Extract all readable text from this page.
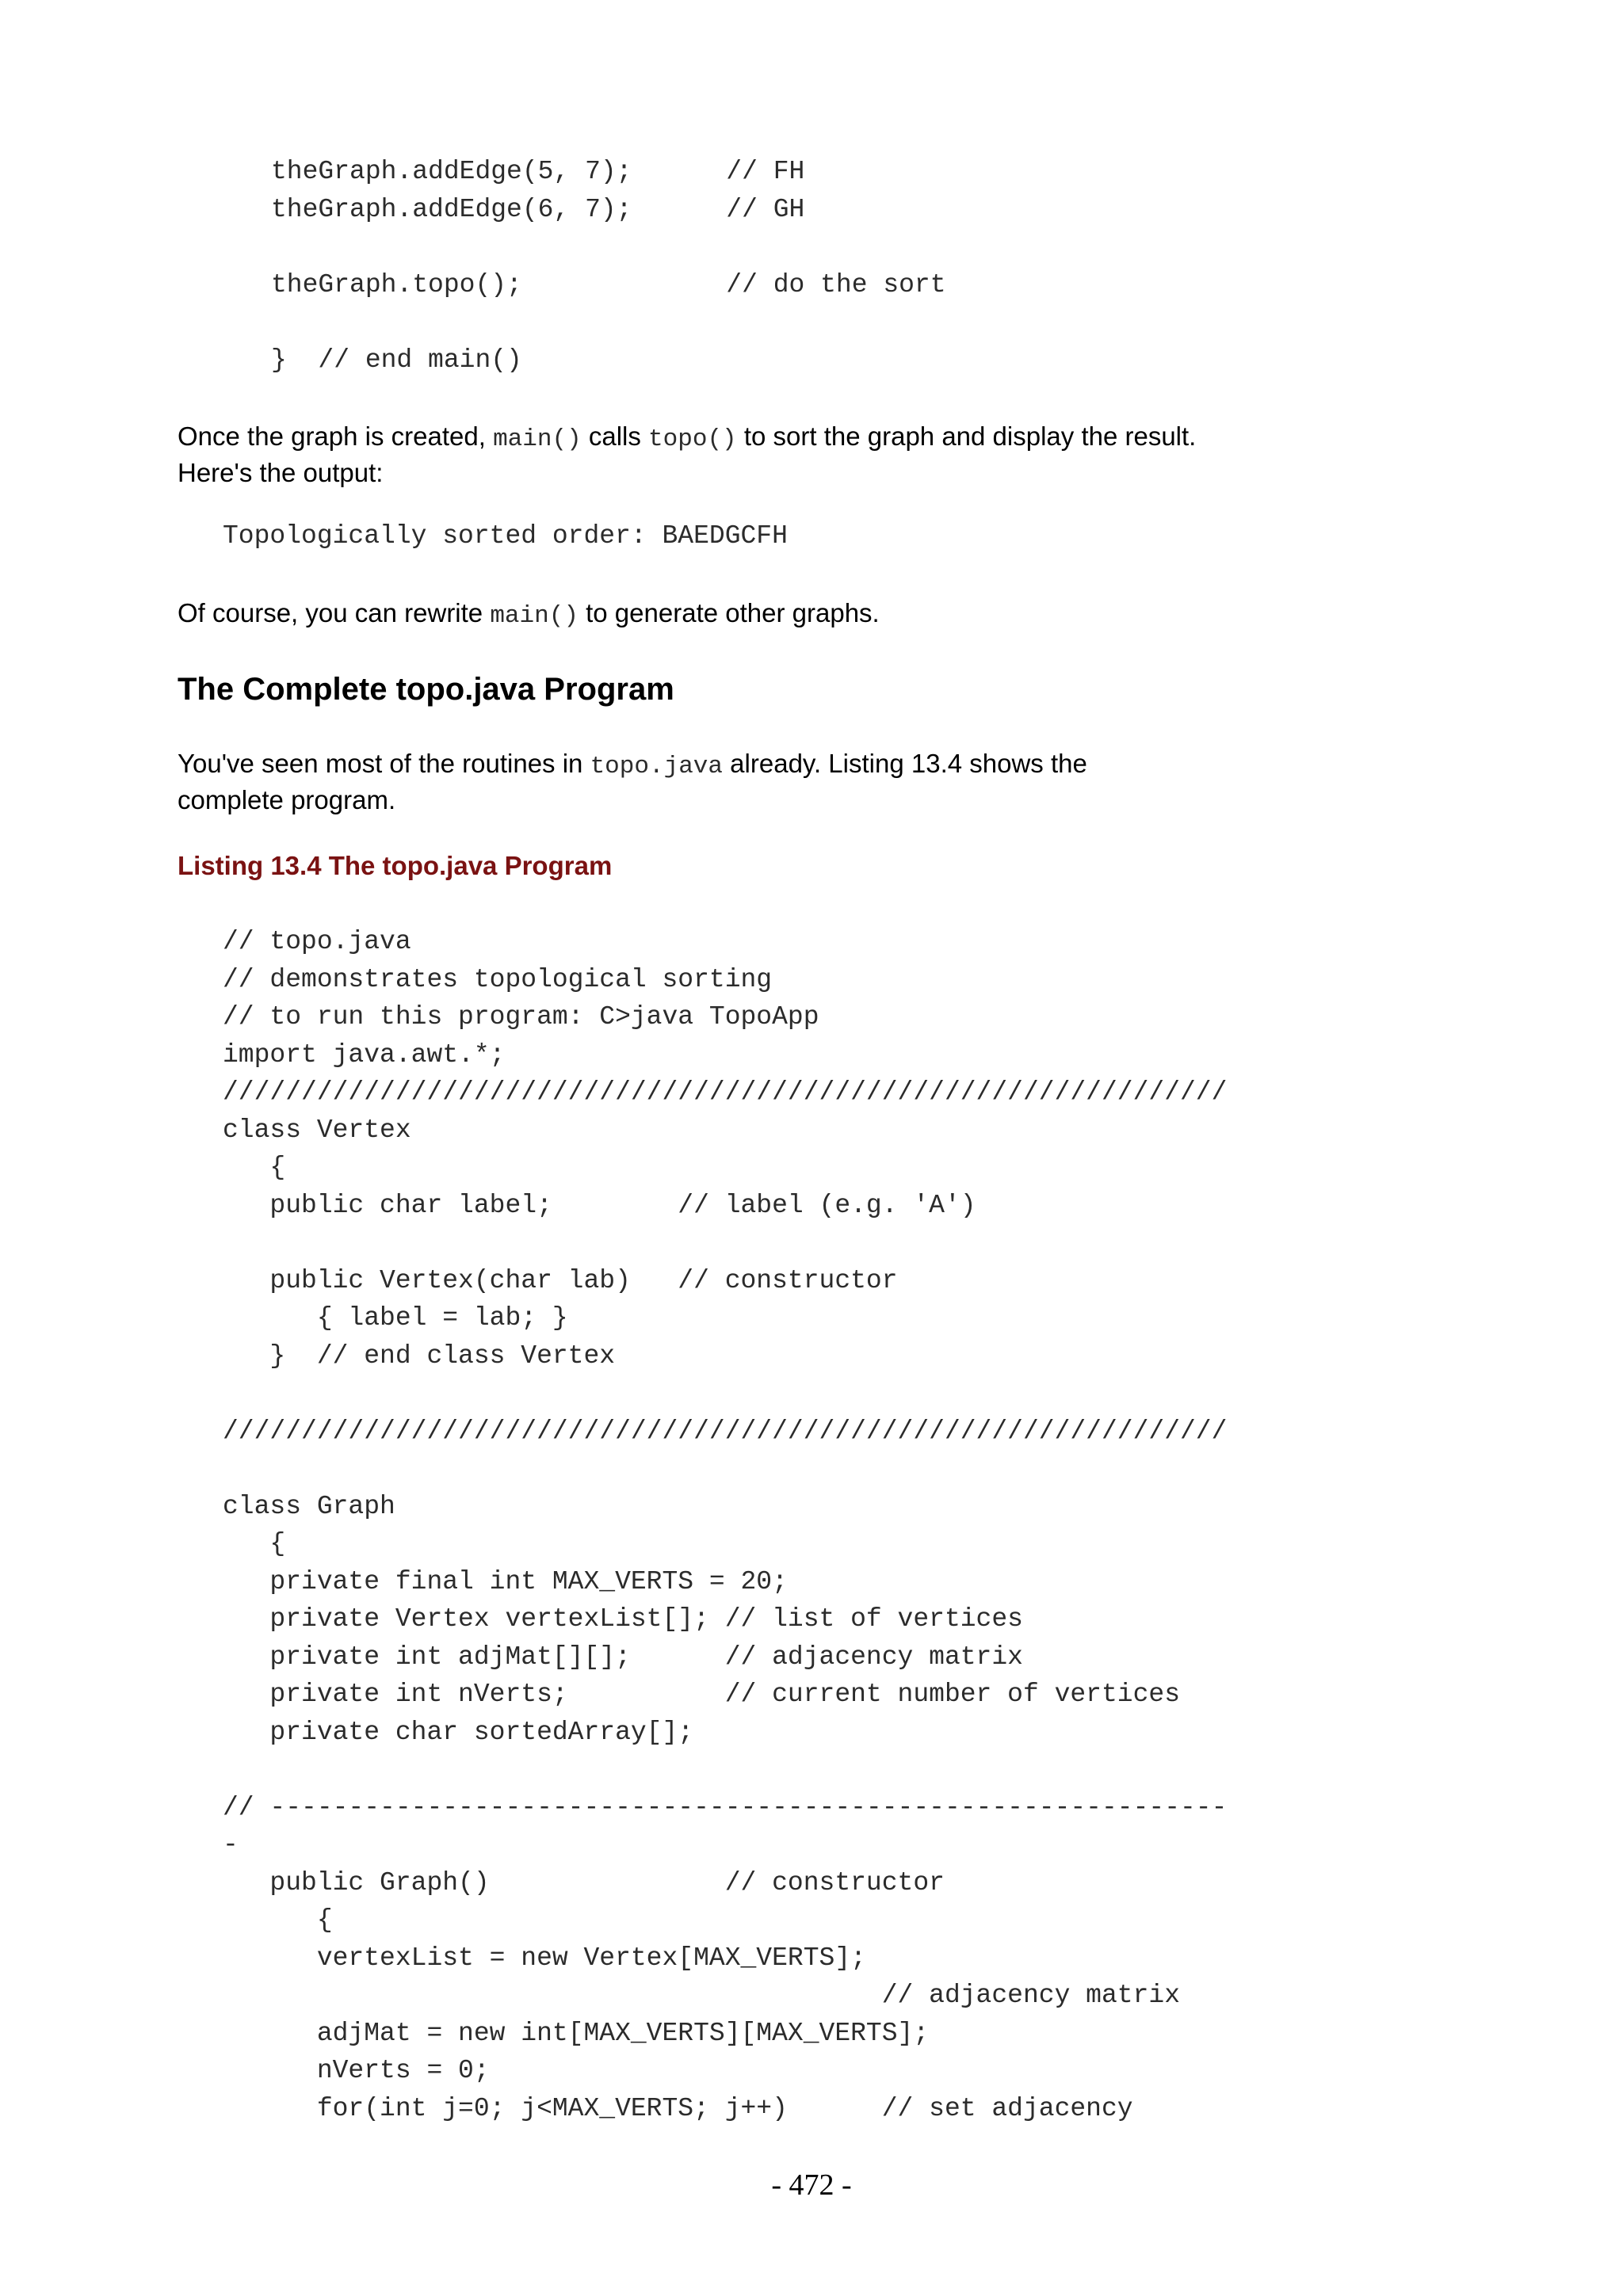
theGraph.addEdge(5, 7);      // FH
theGraph.addEdge(6, 7);      // GH
theGraph.topo();             // do the sort
}  // end main()

Once the graph is created, main() calls topo() to sort the graph and display the result.
Here's the output:

Topologically sorted order: BAEDGCFH

Of course, you can rewrite main() to generate other graphs.

The Complete topo.java Program

You've seen most of the routines in topo.java already. Listing 13.4 shows the
complete program.

Listing 13.4 The topo.java Program

// topo.java
// demonstrates topological sorting
// to run this program: C>java TopoApp
import java.awt.*;
////////////////////////////////////////////////////////////////
class Vertex
{
public char label;        // label (e.g. 'A')
public Vertex(char lab)   // constructor
{ label = lab; }
}  // end class Vertex
////////////////////////////////////////////////////////////////
class Graph
{
private final int MAX_VERTS = 20;
private Vertex vertexList[]; // list of vertices
private int adjMat[][];      // adjacency matrix
private int nVerts;          // current number of vertices
private char sortedArray[];
// -------------------------------------------------------------
-
public Graph()               // constructor
{
vertexList = new Vertex[MAX_VERTS];
// adjacency matrix
adjMat = new int[MAX_VERTS][MAX_VERTS];
nVerts = 0;
for(int j=0; j<MAX_VERTS; j++)      // set adjacency
- 472 -
